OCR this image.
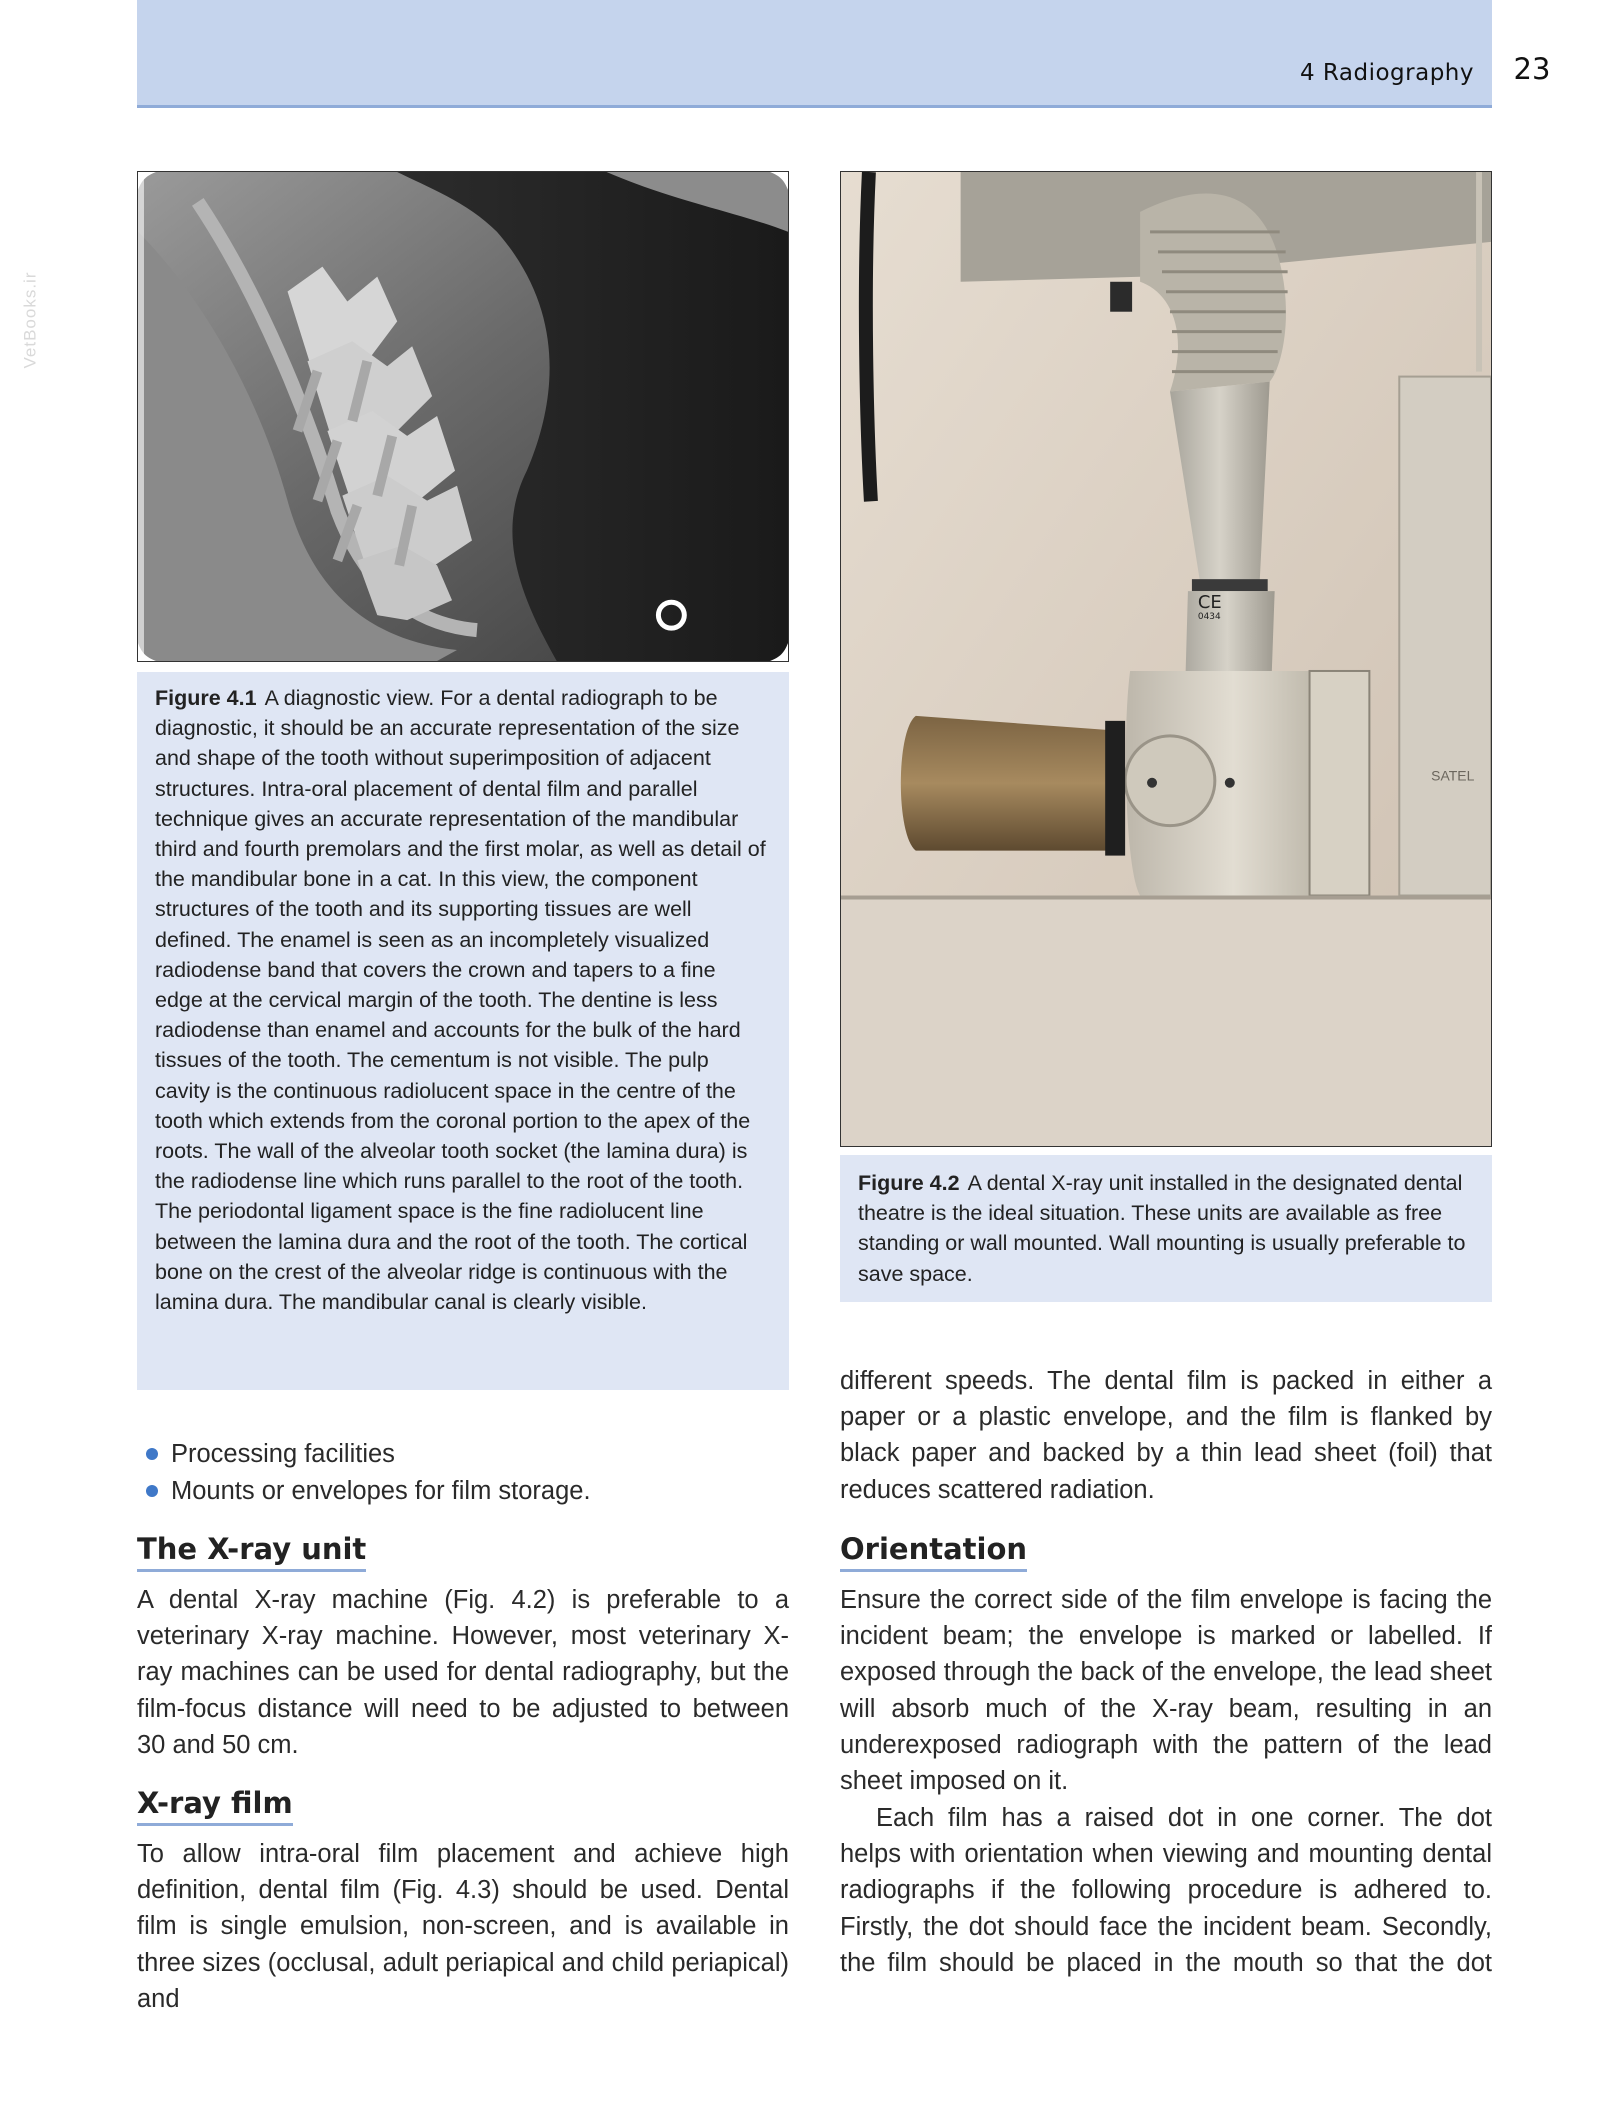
4 Radiography	23
VetBooks.ir
Figure 4.1 A diagnostic view. For a dental radiograph to be diagnostic, it should be an accurate representation of the size and shape of the tooth without superimposition of adjacent structures. Intra-oral placement of dental film and parallel technique gives an accurate representation of the mandibular third and fourth premolars and the first molar, as well as detail of the mandibular bone in a cat. In this view, the component structures of the tooth and its supporting tissues are well defined. The enamel is seen as an incompletely visualized radiodense band that covers the crown and tapers to a fine edge at the cervical margin of the tooth. The dentine is less radiodense than enamel and accounts for the bulk of the hard tissues of the tooth. The cementum is not visible. The pulp cavity is the continuous radiolucent space in the centre of the tooth which extends from the coronal portion to the apex of the roots. The wall of the alveolar tooth socket (the lamina dura) is the radiodense line which runs parallel to the root of the tooth. The periodontal ligament space is the fine radiolucent line between the lamina dura and the root of the tooth. The cortical bone on the crest of the alveolar ridge is continuous with the lamina dura. The mandibular canal is clearly visible.
CE
0434
SATEL
Figure 4.2 A dental X-ray unit installed in the designated dental theatre is the ideal situation. These units are available as free standing or wall mounted. Wall mounting is usually preferable to save space.
Processing facilities
Mounts or envelopes for film storage.
The X-ray unit
A dental X-ray machine (Fig. 4.2) is preferable to a veterinary X-ray machine. However, most veterinary X-ray machines can be used for dental radiography, but the film-focus distance will need to be adjusted to between 30 and 50 cm.
X-ray film
To allow intra-oral film placement and achieve high definition, dental film (Fig. 4.3) should be used. Dental film is single emulsion, non-screen, and is available in three sizes (occlusal, adult periapical and child periapical) and
different speeds. The dental film is packed in either a paper or a plastic envelope, and the film is flanked by black paper and backed by a thin lead sheet (foil) that reduces scattered radiation.
Orientation
Ensure the correct side of the film envelope is facing the incident beam; the envelope is marked or labelled. If exposed through the back of the envelope, the lead sheet will absorb much of the X-ray beam, resulting in an underexposed radiograph with the pattern of the lead sheet imposed on it.
Each film has a raised dot in one corner. The dot helps with orientation when viewing and mounting dental radiographs if the following procedure is adhered to. Firstly, the dot should face the incident beam. Secondly, the film should be placed in the mouth so that the dot
